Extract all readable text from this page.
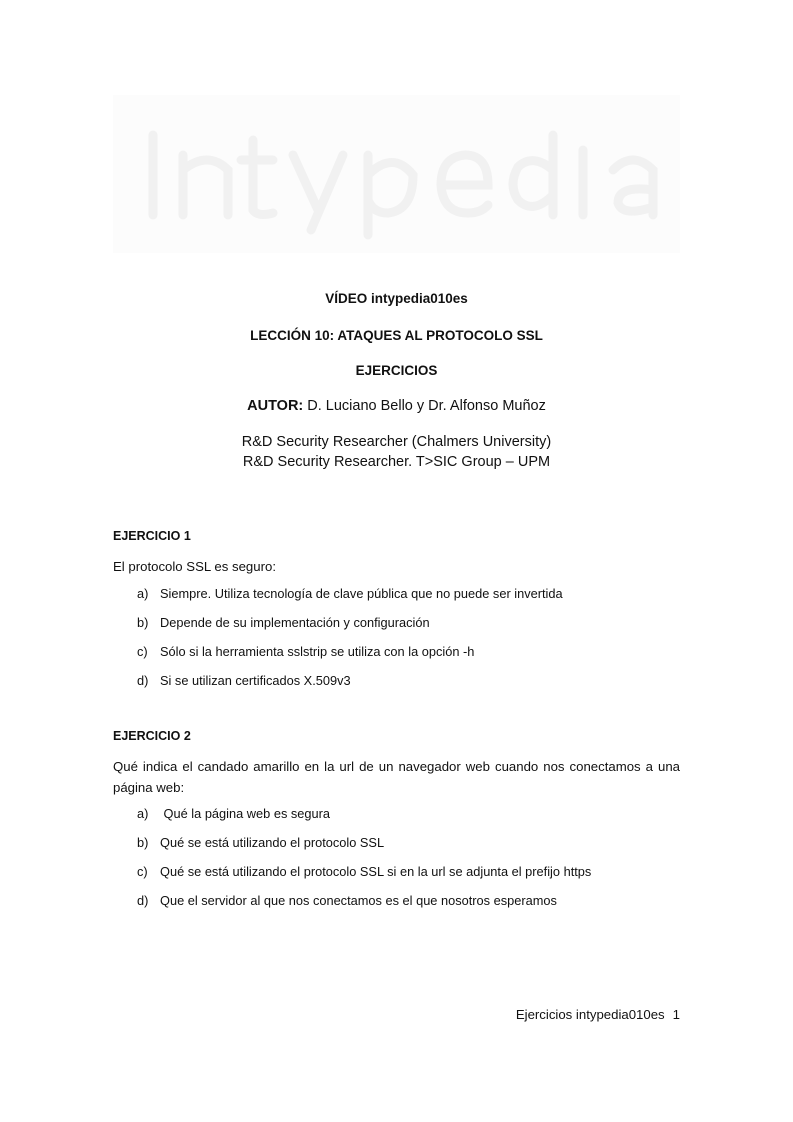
VÍDEO intypedia010es
LECCIÓN 10: ATAQUES AL PROTOCOLO SSL
EJERCICIOS
AUTOR: D. Luciano Bello y Dr. Alfonso Muñoz
R&D Security Researcher (Chalmers University)
R&D Security Researcher. T>SIC Group – UPM
EJERCICIO 1
El protocolo SSL es seguro:
a) Siempre. Utiliza tecnología de clave pública que no puede ser invertida
b) Depende de su implementación y configuración
c) Sólo si la herramienta sslstrip se utiliza con la opción -h
d) Si se utilizan certificados X.509v3
EJERCICIO 2
Qué indica el candado amarillo en la url de un navegador web cuando nos conectamos a una página web:
a) Qué la página web es segura
b) Qué se está utilizando el protocolo SSL
c) Qué se está utilizando el protocolo SSL si en la url se adjunta el prefijo https
d) Que el servidor al que nos conectamos es el que nosotros esperamos
Ejercicios intypedia010es 1
